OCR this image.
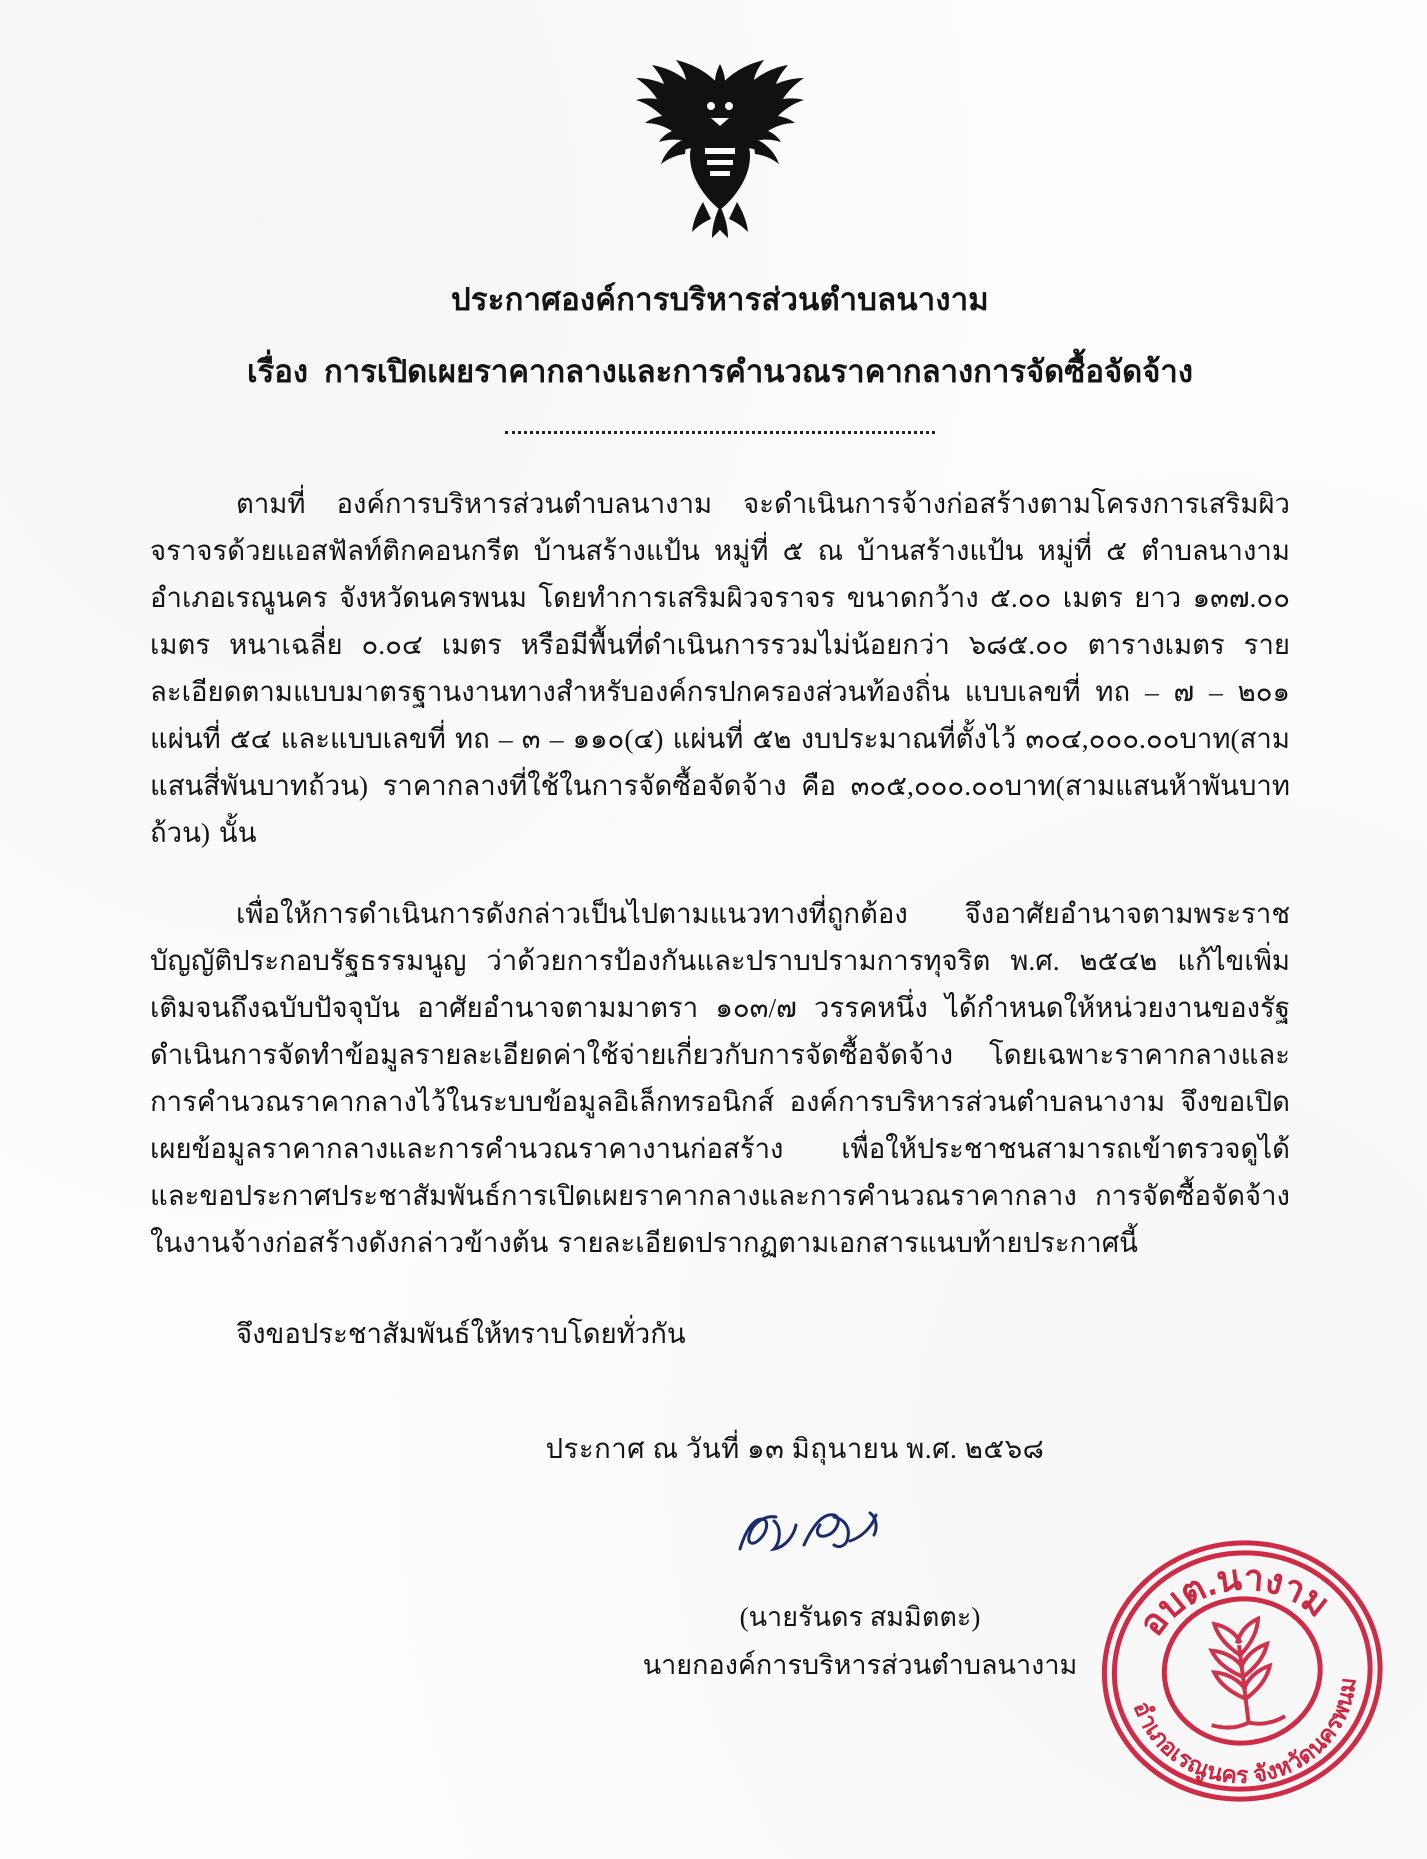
ประกาศองค์การบริหารส่วนตำบลนางาม
เรื่อง การเปิดเผยราคากลางและการคำนวณราคากลางการจัดซื้อจัดจ้าง

ตามที่ องค์การบริหารส่วนตำบลนางาม จะดำเนินการจ้างก่อสร้างตามโครงการเสริมผิวจราจรด้วยแอสฟัลท์ติกคอนกรีต บ้านสร้างแป้น หมู่ที่ ๕ ณ บ้านสร้างแป้น หมู่ที่ ๕ ตำบลนางาม อำเภอเรณูนคร จังหวัดนครพนม โดยทำการเสริมผิวจราจร ขนาดกว้าง ๕.๐๐ เมตร ยาว ๑๓๗.๐๐ เมตร หนาเฉลี่ย ๐.๐๔ เมตร หรือมีพื้นที่ดำเนินการรวมไม่น้อยกว่า ๖๘๕.๐๐ ตารางเมตร รายละเอียดตามแบบมาตรฐานงานทางสำหรับองค์กรปกครองส่วนท้องถิ่น แบบเลขที่ ทถ – ๗ – ๒๐๑ แผ่นที่ ๕๔ และแบบเลขที่ ทถ – ๓ – ๑๑๐(๔) แผ่นที่ ๕๒ งบประมาณที่ตั้งไว้ ๓๐๔,๐๐๐.๐๐บาท(สามแสนสี่พันบาทถ้วน) ราคากลางที่ใช้ในการจัดซื้อจัดจ้าง คือ ๓๐๕,๐๐๐.๐๐บาท(สามแสนห้าพันบาทถ้วน) นั้น

เพื่อให้การดำเนินการดังกล่าวเป็นไปตามแนวทางที่ถูกต้อง จึงอาศัยอำนาจตามพระราชบัญญัติประกอบรัฐธรรมนูญ ว่าด้วยการป้องกันและปราบปรามการทุจริต พ.ศ. ๒๕๔๒ แก้ไขเพิ่มเติมจนถึงฉบับปัจจุบัน อาศัยอำนาจตามมาตรา ๑๐๓/๗ วรรคหนึ่ง ได้กำหนดให้หน่วยงานของรัฐดำเนินการจัดทำข้อมูลรายละเอียดค่าใช้จ่ายเกี่ยวกับการจัดซื้อจัดจ้าง โดยเฉพาะราคากลางและการคำนวณราคากลางไว้ในระบบข้อมูลอิเล็กทรอนิกส์ องค์การบริหารส่วนตำบลนางาม จึงขอเปิดเผยข้อมูลราคากลางและการคำนวณราคางานก่อสร้าง เพื่อให้ประชาชนสามารถเข้าตรวจดูได้ และขอประกาศประชาสัมพันธ์การเปิดเผยราคากลางและการคำนวณราคากลาง การจัดซื้อจัดจ้างในงานจ้างก่อสร้างดังกล่าวข้างต้น รายละเอียดปรากฏตามเอกสารแนบท้ายประกาศนี้

จึงขอประชาสัมพันธ์ให้ทราบโดยทั่วกัน
ประกาศ ณ วันที่ ๑๓ มิถุนายน พ.ศ. ๒๕๖๘
(นายรันดร สมมิตตะ)
นายกองค์การบริหารส่วนตำบลนางาม
อบต.นางาม
อำเภอเรณูนคร จังหวัดนครพนม
